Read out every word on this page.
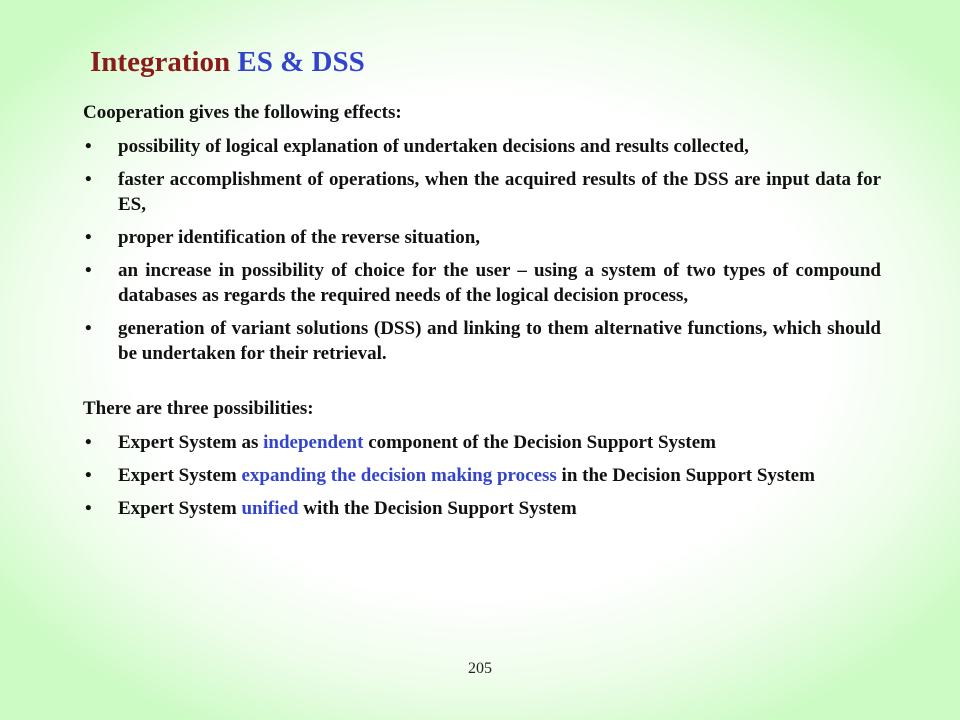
Integration ES & DSS

Cooperation gives the following effects:

• possibility of logical explanation of undertaken decisions and results collected,
• faster accomplishment of operations, when the acquired results of the DSS are input data for ES,
• proper identification of the reverse situation,
• an increase in possibility of choice for the user – using a system of two types of compound databases as regards the required needs of the logical decision process,
• generation of variant solutions (DSS) and linking to them alternative functions, which should be undertaken for their retrieval.

There are three possibilities:

• Expert System as independent component of the Decision Support System
• Expert System expanding the decision making process in the Decision Support System
• Expert System unified with the Decision Support System
205
